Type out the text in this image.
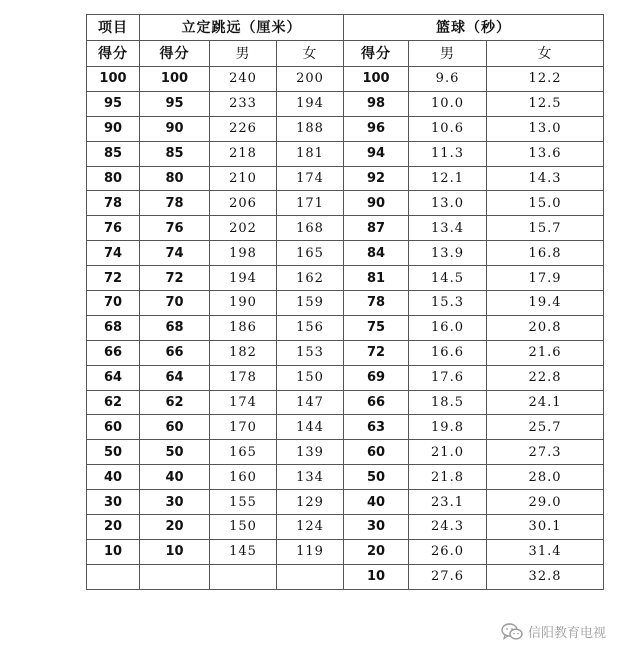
项目	立定跳远（厘米）			篮球（秒）		
得分	得分	男	女	得分	男	女
100	100	240	200	100	9.6	12.2
95	95	233	194	98	10.0	12.5
90	90	226	188	96	10.6	13.0
85	85	218	181	94	11.3	13.6
80	80	210	174	92	12.1	14.3
78	78	206	171	90	13.0	15.0
76	76	202	168	87	13.4	15.7
74	74	198	165	84	13.9	16.8
72	72	194	162	81	14.5	17.9
70	70	190	159	78	15.3	19.4
68	68	186	156	75	16.0	20.8
66	66	182	153	72	16.6	21.6
64	64	178	150	69	17.6	22.8
62	62	174	147	66	18.5	24.1
60	60	170	144	63	19.8	25.7
50	50	165	139	60	21.0	27.3
40	40	160	134	50	21.8	28.0
30	30	155	129	40	23.1	29.0
20	20	150	124	30	24.3	30.1
10	10	145	119	20	26.0	31.4
				10	27.6	32.8
信阳教育电视
